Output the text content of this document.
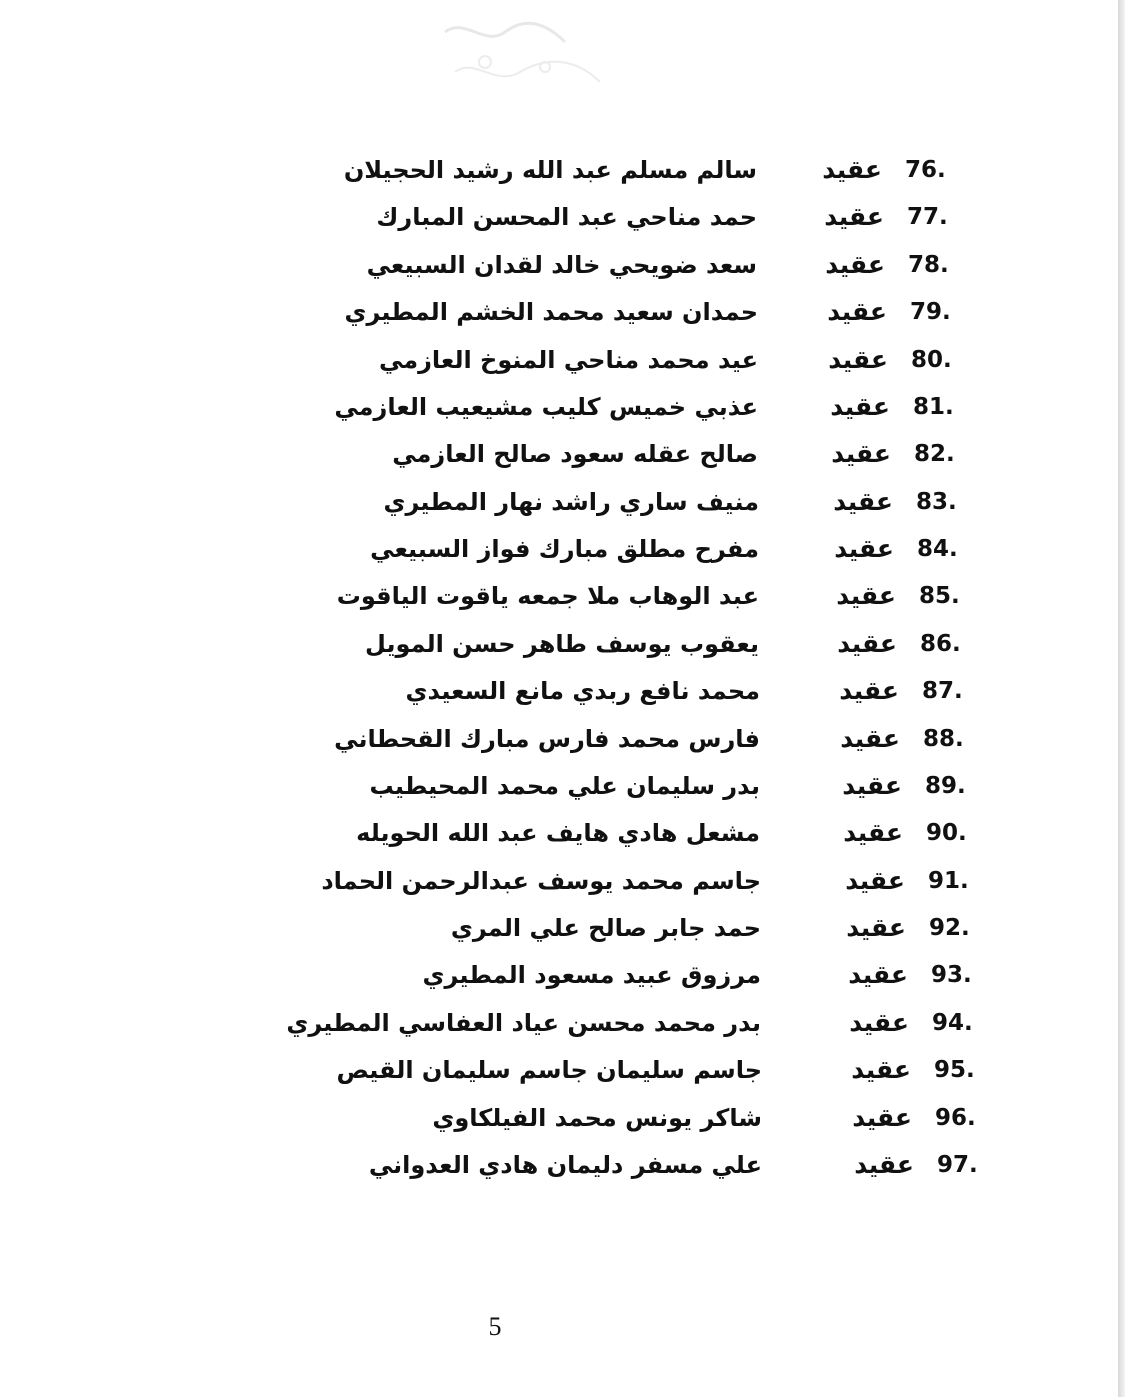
76.
عقيد
سالم مسلم عبد الله رشيد الحجيلان
77.
عقيد
حمد مناحي عبد المحسن المبارك
78.
عقيد
سعد ضويحي خالد لقدان السبيعي
79.
عقيد
حمدان سعيد محمد الخشم المطيري
80.
عقيد
عيد محمد مناحي المنوخ العازمي
81.
عقيد
عذبي خميس كليب مشيعيب العازمي
82.
عقيد
صالح عقله سعود صالح العازمي
83.
عقيد
منيف ساري راشد نهار المطيري
84.
عقيد
مفرح مطلق مبارك فواز السبيعي
85.
عقيد
عبد الوهاب ملا جمعه ياقوت الياقوت
86.
عقيد
يعقوب يوسف طاهر حسن المويل
87.
عقيد
محمد نافع ربدي مانع السعيدي
88.
عقيد
فارس محمد فارس مبارك القحطاني
89.
عقيد
بدر سليمان علي محمد المحيطيب
90.
عقيد
مشعل هادي هايف عبد الله الحويله
91.
عقيد
جاسم محمد يوسف عبدالرحمن الحماد
92.
عقيد
حمد جابر صالح علي المري
93.
عقيد
مرزوق عبيد مسعود المطيري
94.
عقيد
بدر محمد محسن عياد العفاسي المطيري
95.
عقيد
جاسم سليمان جاسم سليمان القيص
96.
عقيد
شاكر يونس محمد الفيلكاوي
97.
عقيد
علي مسفر دليمان هادي العدواني
5
